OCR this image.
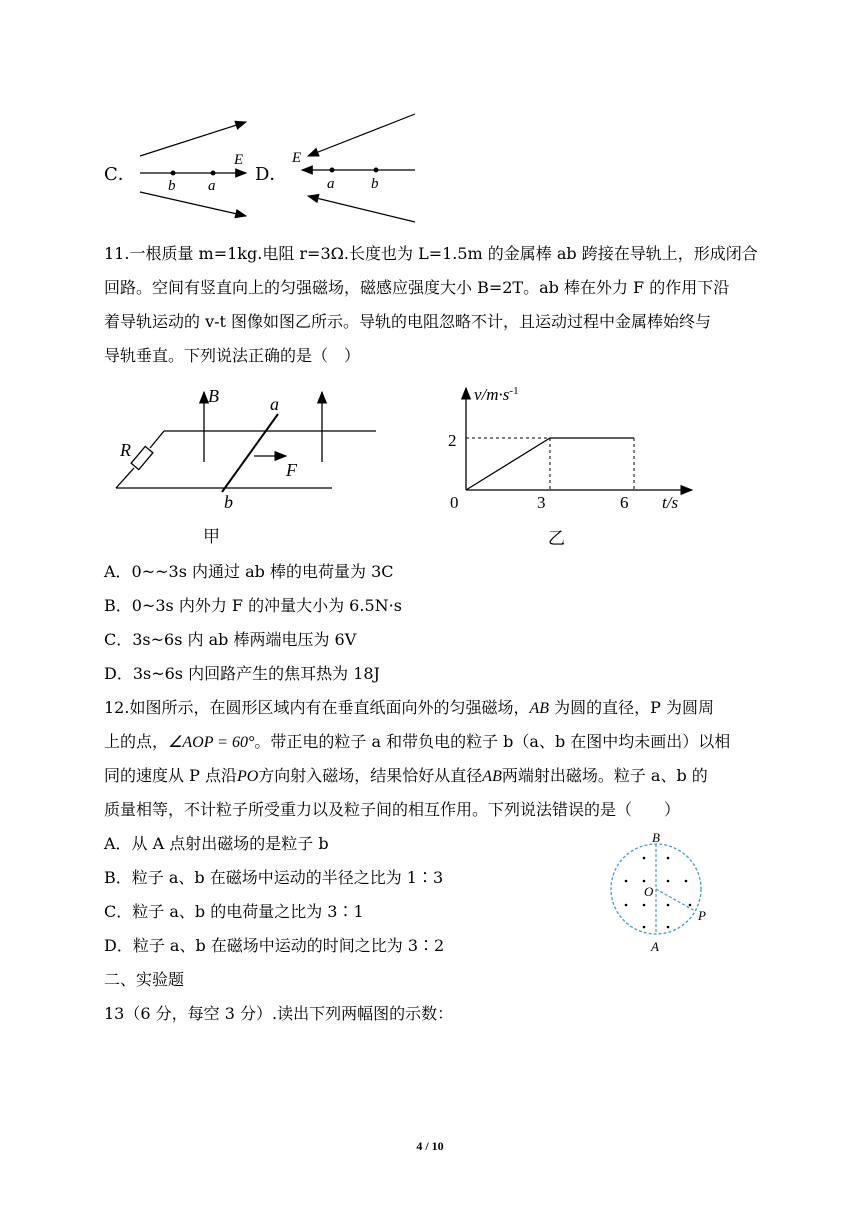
C．
E
b a
D．
E
a b
11.一根质量 m=1kg.电阻 r=3Ω.长度也为 L=1.5m 的金属棒 ab 跨接在导轨上，形成闭合
回路。空间有竖直向上的匀强磁场，磁感应强度大小 B=2T。ab 棒在外力 F 的作用下沿
着导轨运动的 v-t 图像如图乙所示。导轨的电阻忽略不计，且运动过程中金属棒始终与
导轨垂直。下列说法正确的是（　）
B	a
R
F
b
甲
$v/m\cdot s^{-1}$
2
0	3	6 t/s
乙
A．0~~3s 内通过 ab 棒的电荷量为 3C
B．0~3s 内外力 F 的冲量大小为 6.5N·s
C．3s~6s 内 ab 棒两端电压为 6V
D．3s~6s 内回路产生的焦耳热为 18J
12.如图所示，在圆形区域内有在垂直纸面向外的匀强磁场，AB 为圆的直径，P 为圆周
上的点，∠AOP = 60°。带正电的粒子 a 和带负电的粒子 b（a、b 在图中均未画出）以相
同的速度从 P 点沿PO方向射入磁场，结果恰好从直径AB两端射出磁场。粒子 a、b 的
质量相等，不计粒子所受重力以及粒子间的相互作用。下列说法错误的是（　　）
A．从 A 点射出磁场的是粒子 b
B．粒子 a、b 在磁场中运动的半径之比为 1∶3
C．粒子 a、b 的电荷量之比为 3∶1
D．粒子 a、b 在磁场中运动的时间之比为 3∶2
B
O
P
A
二、实验题
13（6 分，每空 3 分）.读出下列两幅图的示数：
4 / 10
